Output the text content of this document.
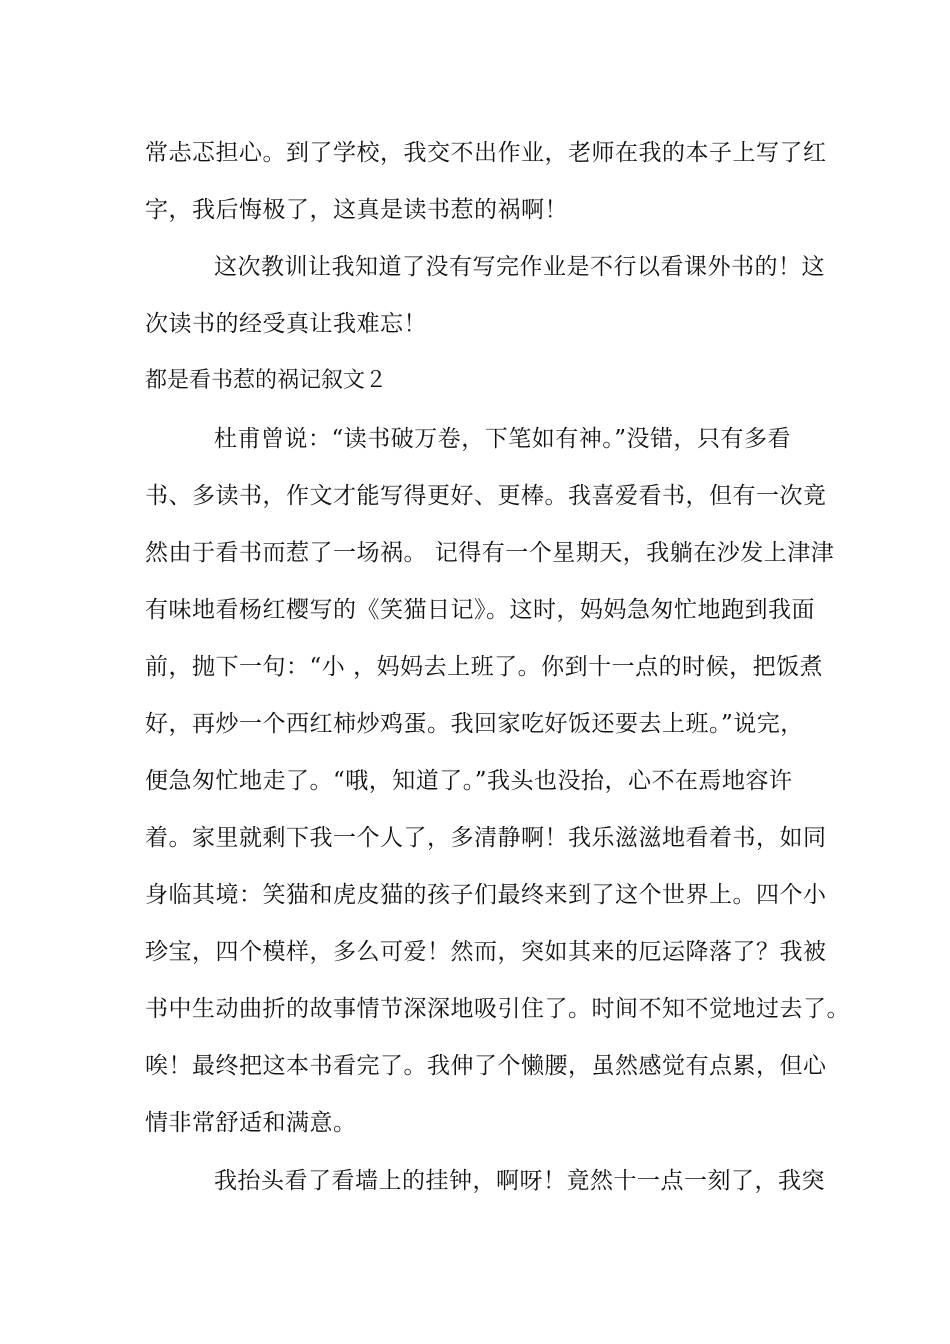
常忐忑担心。到了学校，我交不出作业，老师在我的本子上写了红
字，我后悔极了，这真是读书惹的祸啊！
这次教训让我知道了没有写完作业是不行以看课外书的！这
次读书的经受真让我难忘！
都是看书惹的祸记叙文２
杜甫曾说：“读书破万卷，下笔如有神。”没错，只有多看
书、多读书，作文才能写得更好、更棒。我喜爱看书，但有一次竟
然由于看书而惹了一场祸。 记得有一个星期天，我躺在沙发上津津
有味地看杨红樱写的《笑猫日记》。这时，妈妈急匆忙地跑到我面
前，抛下一句：“小 ，妈妈去上班了。你到十一点的时候，把饭煮
好，再炒一个西红柿炒鸡蛋。我回家吃好饭还要去上班。”说完，
便急匆忙地走了。“哦，知道了。”我头也没抬，心不在焉地容许
着。家里就剩下我一个人了，多清静啊！我乐滋滋地看着书，如同
身临其境：笑猫和虎皮猫的孩子们最终来到了这个世界上。四个小
珍宝，四个模样，多么可爱！然而，突如其来的厄运降落了？我被
书中生动曲折的故事情节深深地吸引住了。时间不知不觉地过去了。
唉！最终把这本书看完了。我伸了个懒腰，虽然感觉有点累，但心
情非常舒适和满意。
我抬头看了看墙上的挂钟，啊呀！竟然十一点一刻了，我突
